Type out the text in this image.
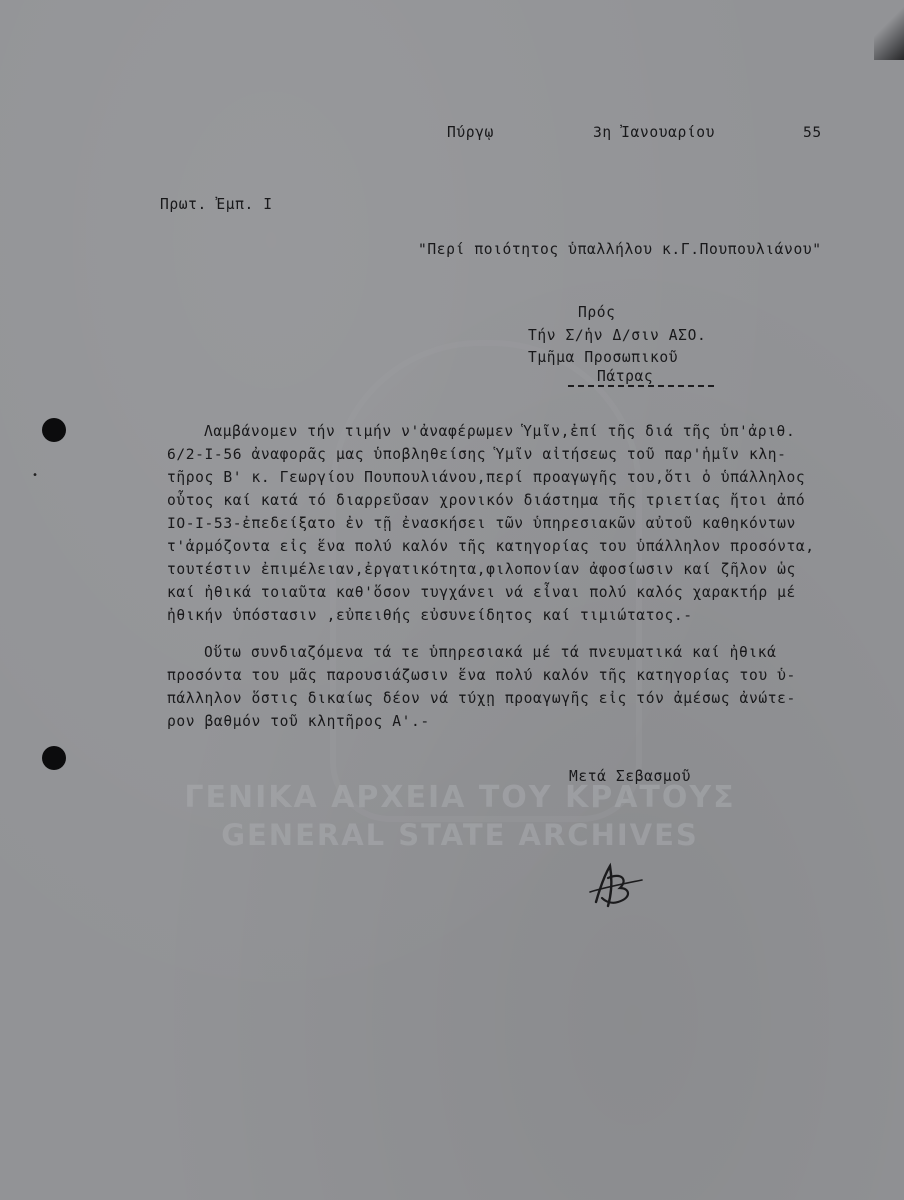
ΓΕΝΙΚΑ ΑΡΧΕΙΑ ΤΟΥ ΚΡΑΤΟΥΣ
GENERAL STATE ARCHIVES
Πύργῳ	3η Ἰανουαρίου	55
Πρωτ. Ἐμπ. Ι
"Περί ποιότητος ὑπαλλήλου κ.Γ.Πουπουλιάνου"
Πρός
Τήν Σ/ἡν Δ/σιν ΑΣΟ.
Τμῆμα Προσωπικοῦ
Πάτρας
•
Λαμβάνομεν τήν τιμήν ν'ἀναφέρωμεν Ὑμῖν,ἐπί τῆς διά τῆς ὑπ'ἀριθ.
6/2-I-56 ἀναφορᾶς μας ὑποβληθείσης Ὑμῖν αἰτήσεως τοῦ παρ'ἡμῖν κλη-
τῆρος Β' κ. Γεωργίου Πουπουλιάνου,περί προαγωγῆς του,ὅτι ὁ ὑπάλληλος
οὗτος καί κατά τό διαρρεῦσαν χρονικόν διάστημα τῆς τριετίας ἤτοι ἀπό
IO-I-53-ἐπεδείξατο ἐν τῇ ἐνασκήσει τῶν ὑπηρεσιακῶν αὐτοῦ καθηκόντων
τ'ἁρμόζοντα εἰς ἕνα πολύ καλόν τῆς κατηγορίας του ὑπάλληλον προσόντα,
τουτέστιν ἐπιμέλειαν,ἐργατικότητα,φιλοπονίαν ἀφοσίωσιν καί ζῆλον ὡς
καί ἠθικά τοιαῦτα καθ'ὅσον τυγχάνει νά εἶναι πολύ καλός χαρακτήρ μέ
ἠθικήν ὑπόστασιν ,εὐπειθής εὐσυνείδητος καί τιμιώτατος.-
Οὕτω συνδιαζόμενα τά τε ὑπηρεσιακά μέ τά πνευματικά καί ἠθικά
προσόντα του μᾶς παρουσιάζωσιν ἕνα πολύ καλόν τῆς κατηγορίας του ὑ-
πάλληλον ὅστις δικαίως δέον νά τύχῃ προαγωγῆς εἰς τόν ἀμέσως ἀνώτε-
ρον βαθμόν τοῦ κλητῆρος Α'.-
Μετά Σεβασμοῦ
